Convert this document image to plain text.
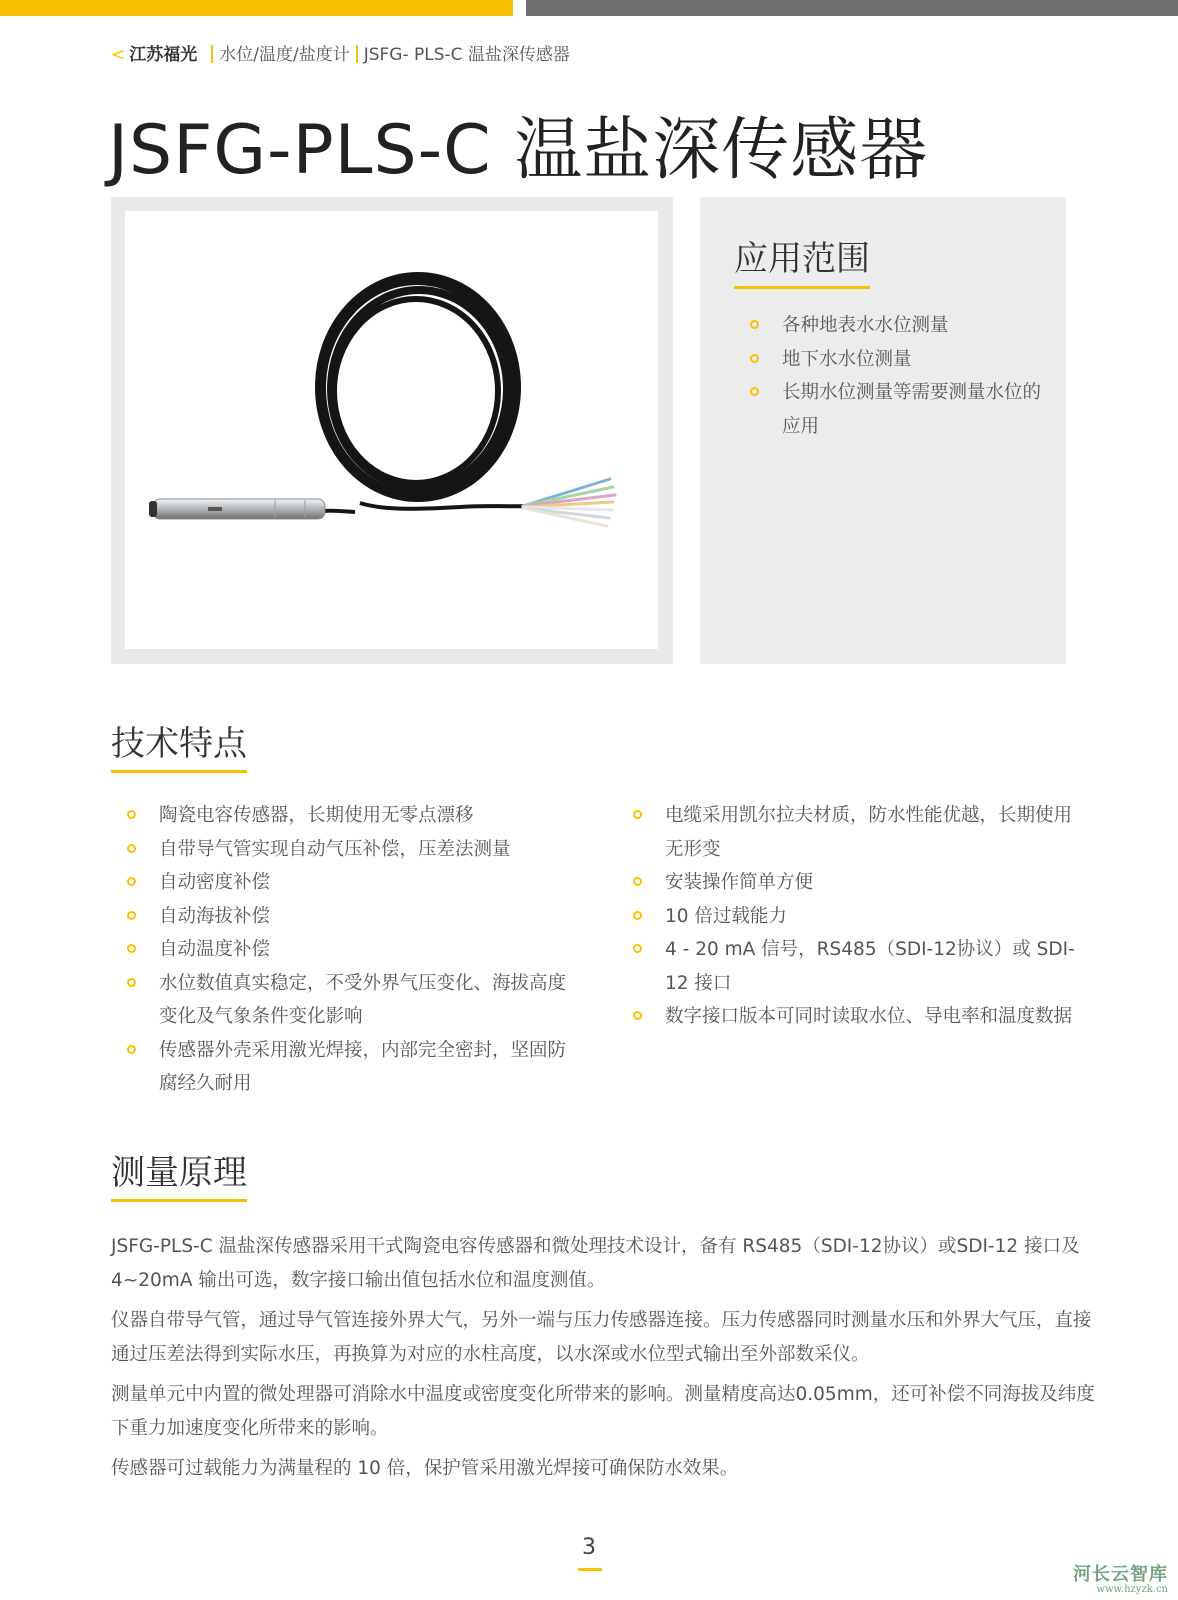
< 江苏福光 水位/温度/盐度计 JSFG- PLS-C 温盐深传感器
JSFG-PLS-C 温盐深传感器
应用范围
各种地表水水位测量
地下水水位测量
长期水位测量等需要测量水位的应用
技术特点
陶瓷电容传感器，长期使用无零点漂移
自带导气管实现自动气压补偿，压差法测量
自动密度补偿
自动海拔补偿
自动温度补偿
水位数值真实稳定，不受外界气压变化、海拔高度变化及气象条件变化影响
传感器外壳采用激光焊接，内部完全密封，坚固防腐经久耐用
电缆采用凯尔拉夫材质，防水性能优越，长期使用无形变
安装操作简单方便
10 倍过载能力
4 - 20 mA 信号，RS485（SDI-12协议）或 SDI-12 接口
数字接口版本可同时读取水位、导电率和温度数据
测量原理

JSFG-PLS-C 温盐深传感器采用干式陶瓷电容传感器和微处理技术设计，备有 RS485（SDI-12协议）或SDI-12 接口及4~20mA 输出可选，数字接口输出值包括水位和温度测值。

仪器自带导气管，通过导气管连接外界大气，另外一端与压力传感器连接。压力传感器同时测量水压和外界大气压，直接通过压差法得到实际水压，再换算为对应的水柱高度，以水深或水位型式输出至外部数采仪。

测量单元中内置的微处理器可消除水中温度或密度变化所带来的影响。测量精度高达0.05mm，还可补偿不同海拔及纬度下重力加速度变化所带来的影响。

传感器可过载能力为满量程的 10 倍，保护管采用激光焊接可确保防水效果。

3
河长云智库
www.hzyzk.cn
